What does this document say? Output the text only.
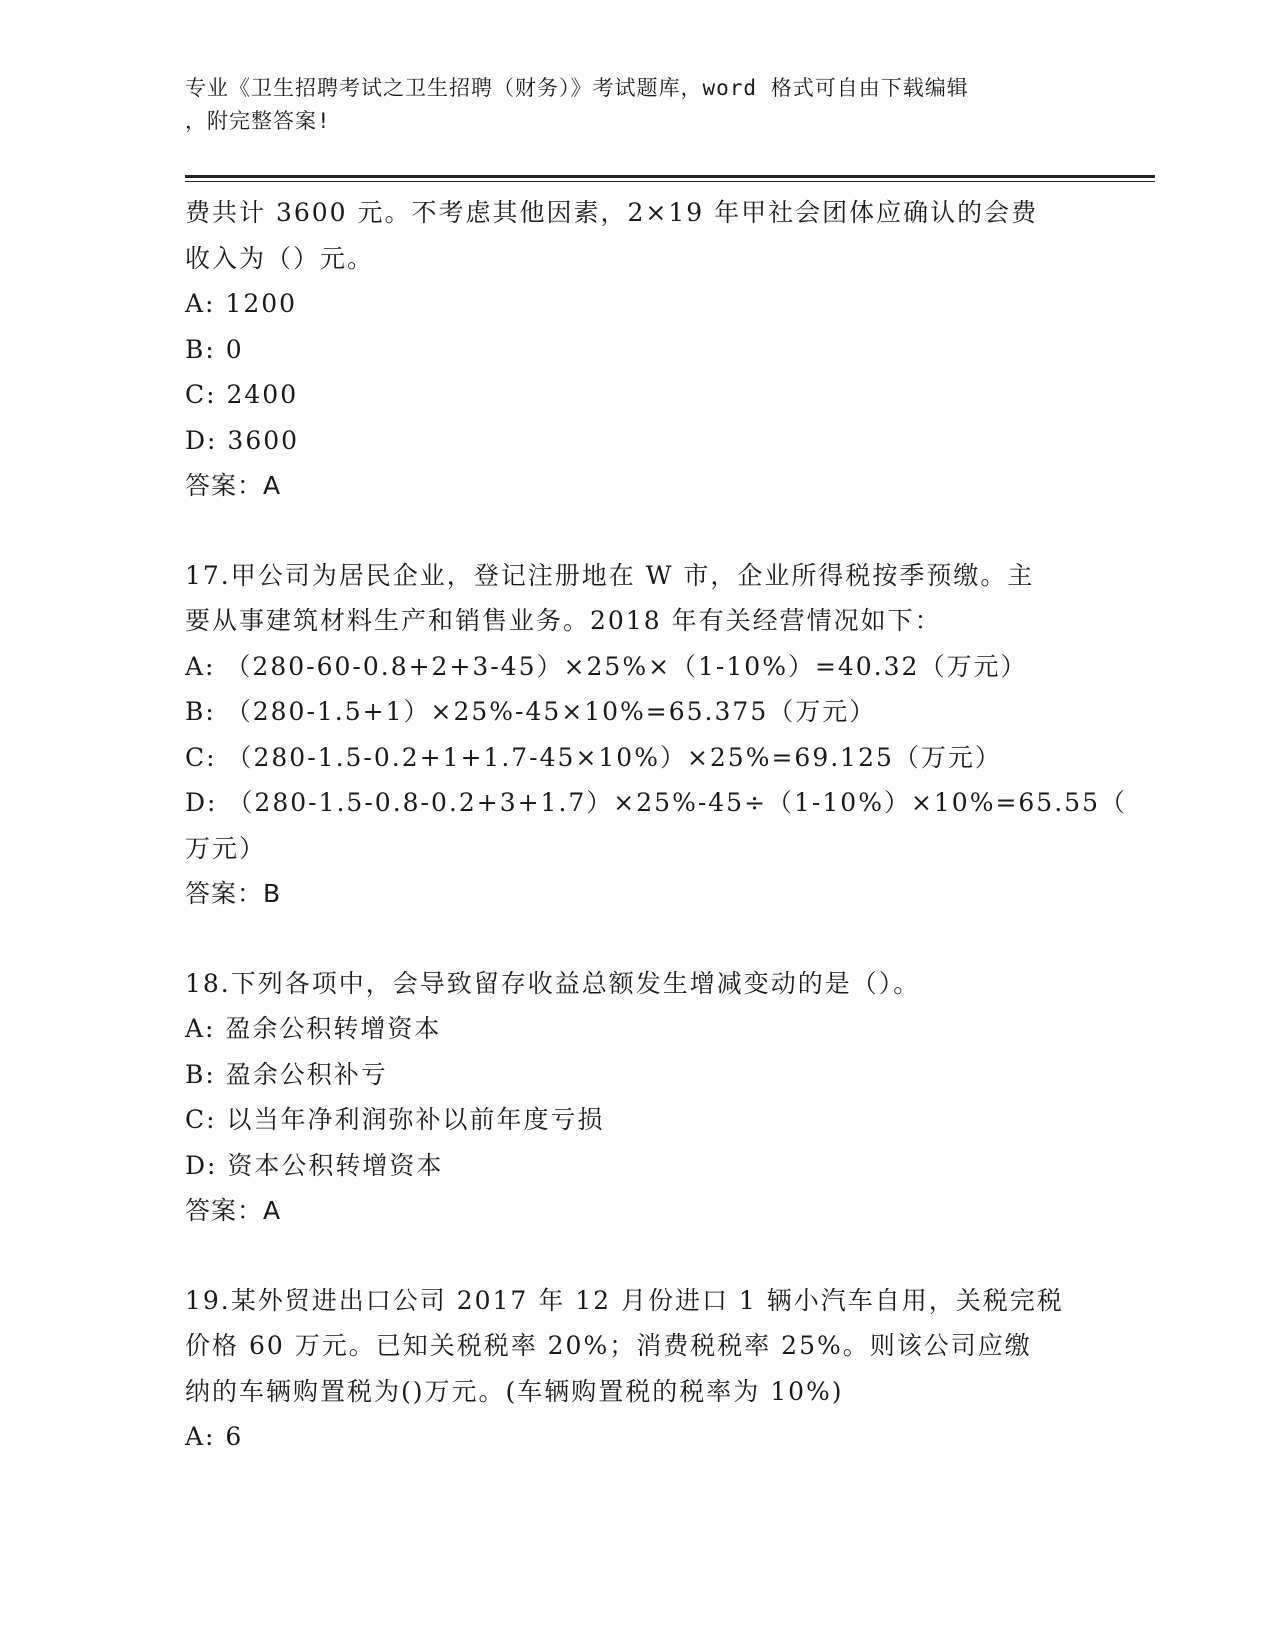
专业《卫生招聘考试之卫生招聘（财务）》考试题库，word 格式可自由下载编辑
，附完整答案!
费共计 3600 元。不考虑其他因素，2×19 年甲社会团体应确认的会费
收入为（）元。
A: 1200
B: 0
C: 2400
D: 3600
答案：A
17.甲公司为居民企业，登记注册地在 W 市，企业所得税按季预缴。主
要从事建筑材料生产和销售业务。2018 年有关经营情况如下：
A: （280-60-0.8+2+3-45）×25%×（1-10%）=40.32（万元）
B: （280-1.5+1）×25%-45×10%=65.375（万元）
C: （280-1.5-0.2+1+1.7-45×10%）×25%=69.125（万元）
D: （280-1.5-0.8-0.2+3+1.7）×25%-45÷（1-10%）×10%=65.55（
万元）
答案：B
18.下列各项中，会导致留存收益总额发生增减变动的是（）。
A: 盈余公积转增资本
B: 盈余公积补亏
C: 以当年净利润弥补以前年度亏损
D: 资本公积转增资本
答案：A
19.某外贸进出口公司 2017 年 12 月份进口 1 辆小汽车自用，关税完税
价格 60 万元。已知关税税率 20%；消费税税率 25%。则该公司应缴
纳的车辆购置税为()万元。(车辆购置税的税率为 10%)
A: 6
